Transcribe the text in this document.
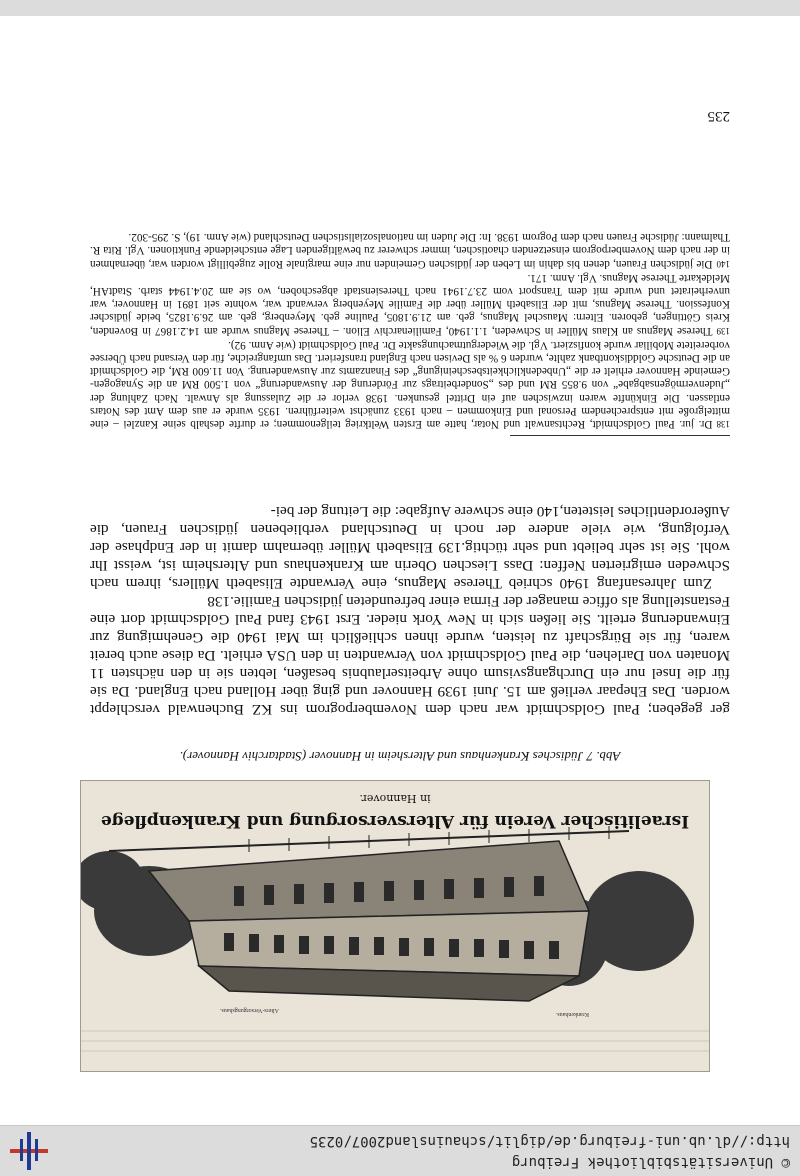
© Universitätsbibliothek Freiburg
http://dl.ub.uni-freiburg.de/diglit/schauinsland2007/0235
Krankenhaus.
Alters-Versorgungshaus.
Israelitischer Verein für Altersversorgung und Krankenpflege
in Hannover.
Abb. 7 Jüdisches Krankenhaus und Altersheim in Hannover (Stadtarchiv Hannover).

ger gegeben; Paul Goldschmidt war nach dem Novemberpogrom ins KZ Buchenwald verschleppt worden. Das Ehepaar verließ am 15. Juni 1939 Hannover und ging über Holland nach England. Da sie für die Insel nur ein Durchgangsvisum ohne Arbeitserlaubnis besaßen, lebten sie in den nächsten 11 Monaten von Darlehen, die Paul Goldschmidt von Verwandten in den USA erhielt. Da diese auch bereit waren, für sie Bürgschaft zu leisten, wurde ihnen schließlich im Mai 1940 die Genehmigung zur Einwanderung erteilt. Sie ließen sich in New York nieder. Erst 1943 fand Paul Goldschmidt dort eine Festanstellung als office manager der Firma einer befreundeten jüdischen Familie.138

Zum Jahresanfang 1940 schrieb Therese Magnus, eine Verwandte Elisabeth Müllers, ihrem nach Schweden emigrierten Neffen: Dass Lieschen Oberin am Krankenhaus und Altersheim ist, weisst Ihr wohl. Sie ist sehr beliebt und sehr tüchtig.139 Elisabeth Müller übernahm damit in der Endphase der Verfolgung, wie viele andere der noch in Deutschland verbliebenen jüdischen Frauen, die Außerordentliches leisteten,140 eine schwere Aufgabe: die Leitung der bei-

$^{138}$Dr. jur. Paul Goldschmidt, Rechtsanwalt und Notar, hatte am Ersten Weltkrieg teilgenommen; er durfte deshalb seine Kanzlei – eine mittelgroße mit entsprechendem Personal und Einkommen – nach 1933 zunächst weiterführen. 1935 wurde er aus dem Amt des Notars entlassen. Die Einkünfte waren inzwischen auf ein Drittel gesunken. 1938 verlor er die Zulassung als Anwalt. Nach Zahlung der „Judenvermögensabgabe“ von 9.855 RM und des „Sonderbeitrags zur Förderung der Auswanderung“ von 1.500 RM an die Synagogen-Gemeinde Hannover erhielt er die „Unbedenklichkeitsbescheinigung“ des Finanzamts zur Auswanderung. Von 11.600 RM, die Goldschmidt an die Deutsche Golddiskontbank zahlte, wurden 6 % als Devisen nach England transferiert. Das umfangreiche, für den Versand nach Übersee vorbereitete Mobiliar wurde konfisziert. Vgl. die Wiedergutmachungsakte Dr. Paul Goldschmidt (wie Anm. 92).

$^{139}$Therese Magnus an Klaus Müller in Schweden, 1.1.1940, Familienarchiv Elion. – Therese Magnus wurde am 14.2.1867 in Bovenden, Kreis Göttingen, geboren. Eltern: Mauschel Magnus, geb. am 21.9.1805, Pauline geb. Meyenberg, geb. am 26.9.1825, beide jüdischer Konfession. Therese Magnus, mit der Elisabeth Müller über die Familie Meyenberg verwandt war, wohnte seit 1891 in Hannover, war unverheiratet und wurde mit dem Transport vom 23.7.1941 nach Theresienstadt abgeschoben, wo sie am 20.4.1944 starb. StadtAH, Meldekarte Therese Magnus. Vgl. Anm. 171.

$^{140}$Die jüdischen Frauen, denen bis dahin im Leben der jüdischen Gemeinden nur eine marginale Rolle zugebilligt worden war, übernahmen in der nach dem Novemberpogrom einsetzenden chaotischen, immer schwerer zu bewältigenden Lage entscheidende Funktionen. Vgl. Rita R. Thalmann: Jüdische Frauen nach dem Pogrom 1938. In: Die Juden im nationalsozialistischen Deutschland (wie Anm. 19), S. 295-302.

235
